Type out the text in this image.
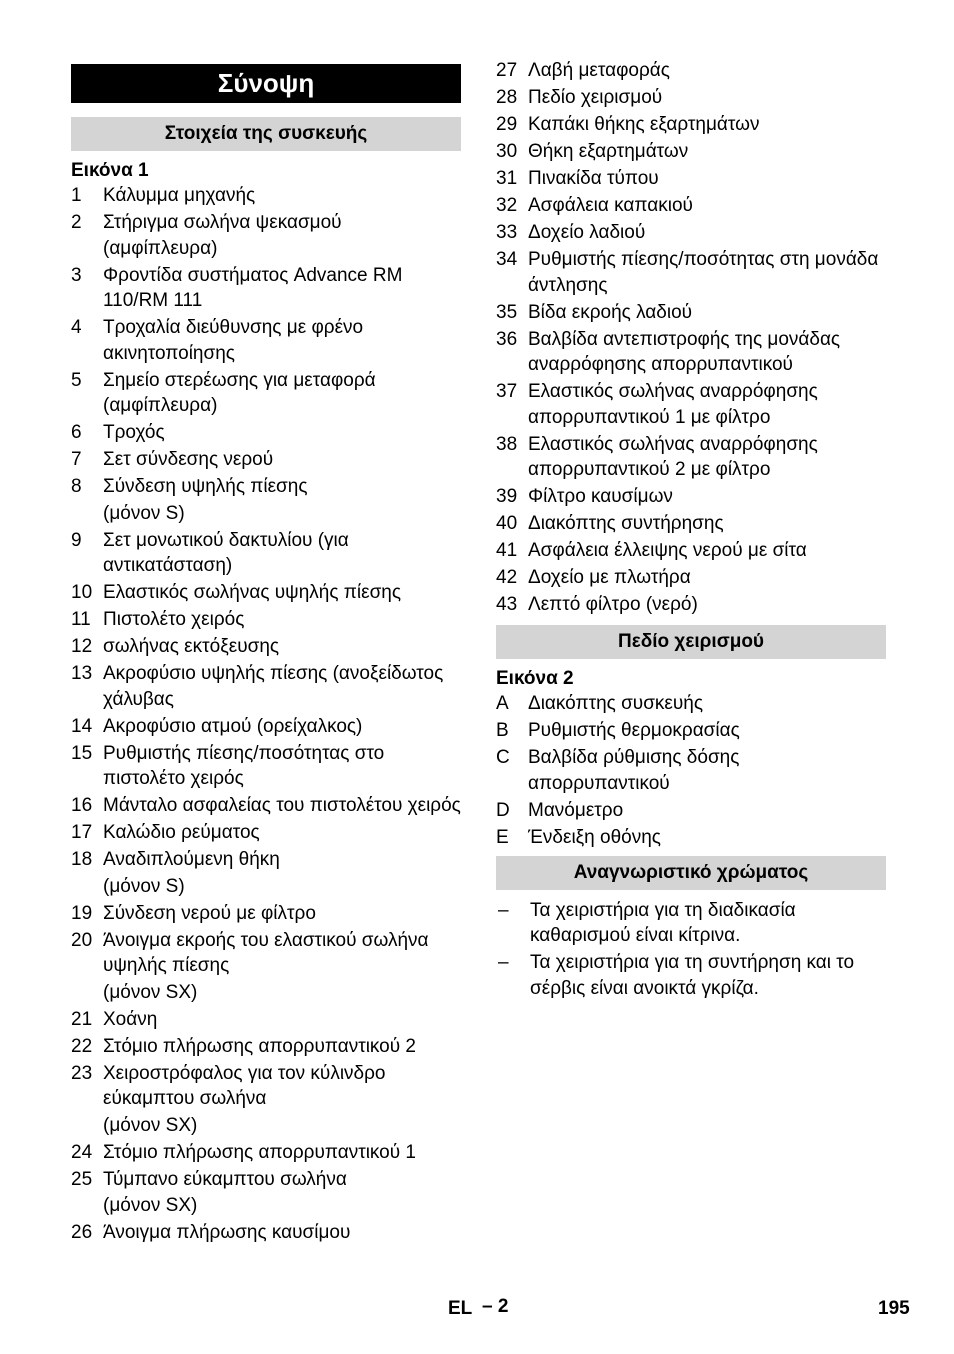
Σύνοψη
Στοιχεία της συσκευής
Εικόνα 1
1	Κάλυμμα μηχανής
2	Στήριγμα σωλήνα ψεκασμού (αμφίπλευρα)
3	Φροντίδα συστήματος Advance RM 110/RM 111
4	Τροχαλία διεύθυνσης με φρένο ακινητοποίησης
5	Σημείο στερέωσης για μεταφορά (αμφίπλευρα)
6	Τροχός
7	Σετ σύνδεσης νερού
8	Σύνδεση υψηλής πίεσης
(μόνον S)
9	Σετ μονωτικού δακτυλίου (για αντικατάσταση)
10 Ελαστικός σωλήνας υψηλής πίεσης
11 Πιστολέτο χειρός
12 σωλήνας εκτόξευσης
13 Ακροφύσιο υψηλής πίεσης (ανοξείδωτος χάλυβας
14 Ακροφύσιο ατμού (ορείχαλκος)
15 Ρυθμιστής πίεσης/ποσότητας στο πιστολέτο χειρός
16 Μάνταλο ασφαλείας του πιστολέτου χειρός
17 Καλώδιο ρεύματος
18 Αναδιπλούμενη θήκη
(μόνον S)
19 Σύνδεση νερού με φίλτρο
20 Άνοιγμα εκροής του ελαστικού σωλήνα υψηλής πίεσης
(μόνον SX)
21 Χοάνη
22 Στόμιο πλήρωσης απορρυπαντικού 2
23 Χειροστρόφαλος για τον κύλινδρο εύκαμπτου σωλήνα
(μόνον SX)
24 Στόμιο πλήρωσης απορρυπαντικού 1
25 Τύμπανο εύκαμπτου σωλήνα
(μόνον SX)
26 Άνοιγμα πλήρωσης καυσίμου
27 Λαβή μεταφοράς
28 Πεδίο χειρισμού
29 Καπάκι θήκης εξαρτημάτων
30 Θήκη εξαρτημάτων
31 Πινακίδα τύπου
32 Ασφάλεια καπακιού
33 Δοχείο λαδιού
34 Ρυθμιστής πίεσης/ποσότητας στη μονάδα άντλησης
35 Βίδα εκροής λαδιού
36 Βαλβίδα αντεπιστροφής της μονάδας αναρρόφησης απορρυπαντικού
37 Ελαστικός σωλήνας αναρρόφησης απορρυπαντικού 1 με φίλτρο
38 Ελαστικός σωλήνας αναρρόφησης απορρυπαντικού 2 με φίλτρο
39 Φίλτρο καυσίμων
40 Διακόπτης συντήρησης
41 Ασφάλεια έλλειψης νερού με σίτα
42 Δοχείο με πλωτήρα
43 Λεπτό φίλτρο (νερό)
Πεδίο χειρισμού
Εικόνα 2
A	Διακόπτης συσκευής
B	Ρυθμιστής θερμοκρασίας
C Βαλβίδα ρύθμισης δόσης απορρυπαντικού
D Μανόμετρο
E	Ένδειξη οθόνης
Αναγνωριστικό χρώματος
–	Τα χειριστήρια για τη διαδικασία καθαρισμού είναι κίτρινα.
–	Τα χειριστήρια για τη συντήρηση και το σέρβις είναι ανοικτά γκρίζα.
EL – 2	195
